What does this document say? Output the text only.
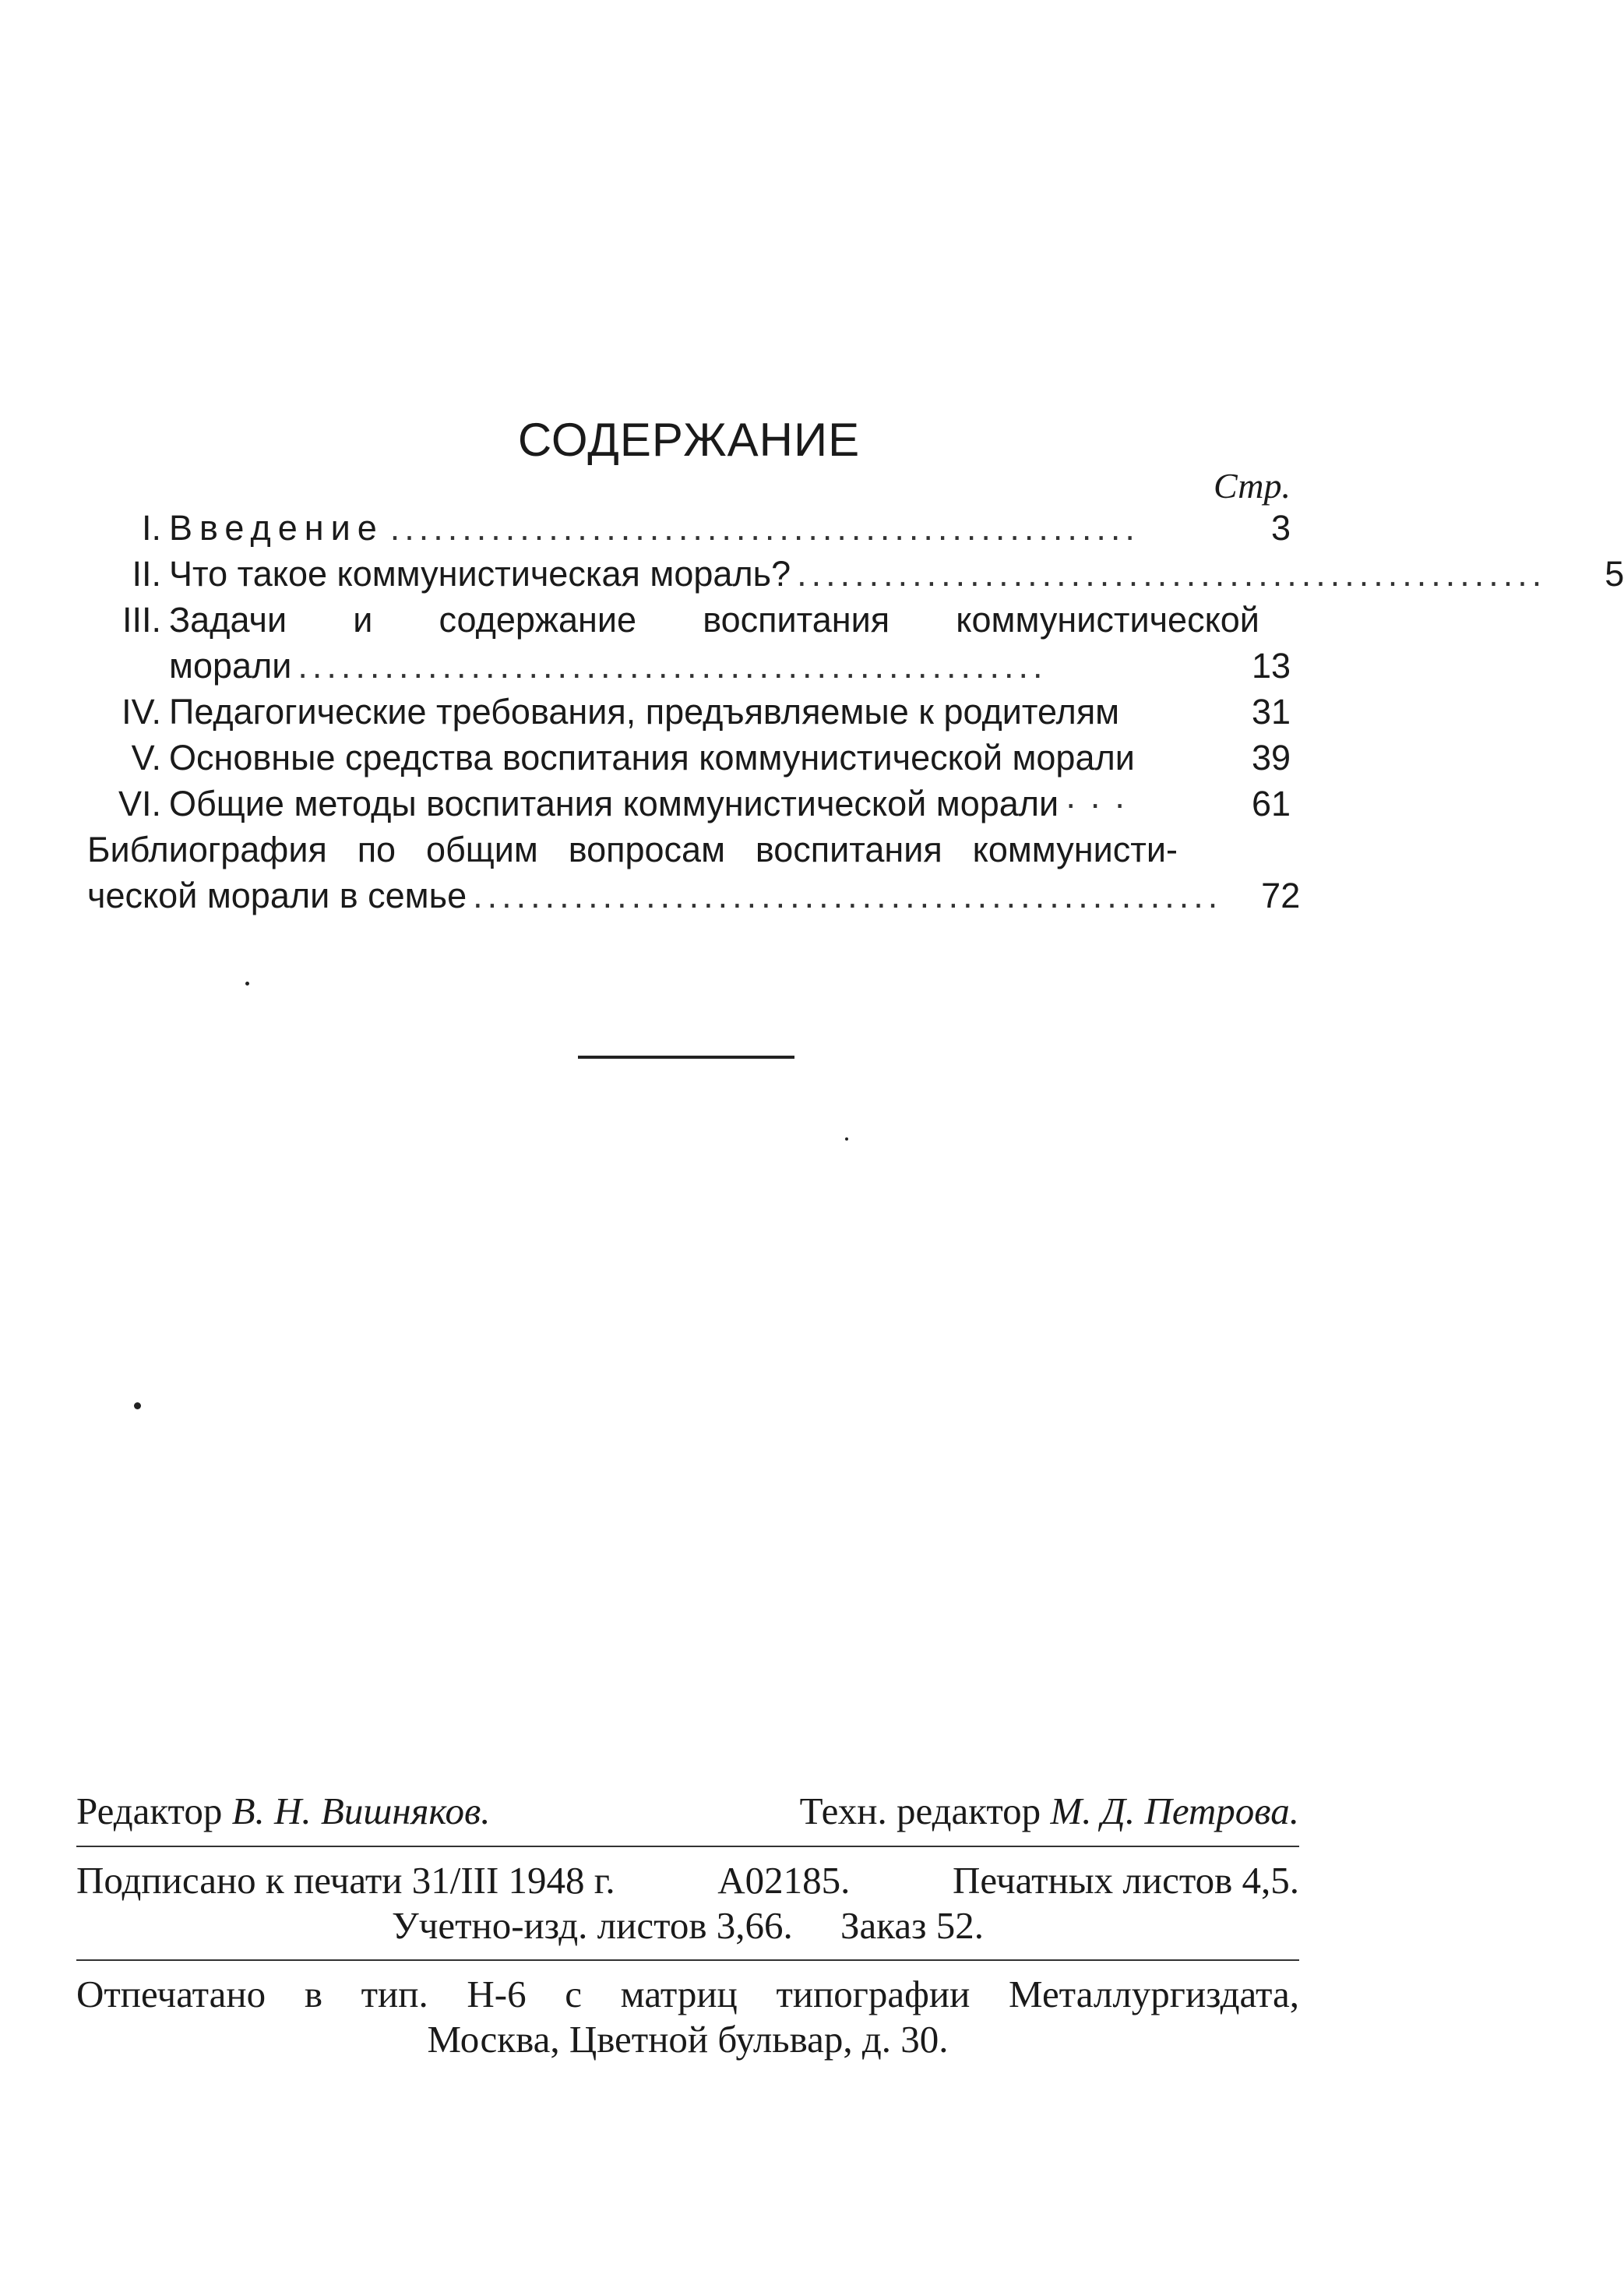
СОДЕРЖАНИЕ
Стр.
I. Введение ....................................................	3
II. Что такое коммунистическая мораль? ....................................................	5
III. Задачи и содержание воспитания коммунистической
морали ....................................................	13
IV. Педагогические требования, предъявляемые к родителям	31
V. Основные средства воспитания коммунистической морали	39
VI. Общие методы воспитания коммунистической морали · · ·	61
Библиография по общим вопросам воспитания коммунисти-
ческой морали в семье ....................................................	72
Редактор В. Н. Вишняков.	Техн. редактор М. Д. Петрова.
Подписано к печати 31/III 1948 г.	А02185.	Печатных листов 4,5.
Учетно-изд. листов 3,66.     Заказ 52.
Отпечатано в тип. Н-6 с матриц типографии Металлургиздата,
Москва, Цветной бульвар, д. 30.
